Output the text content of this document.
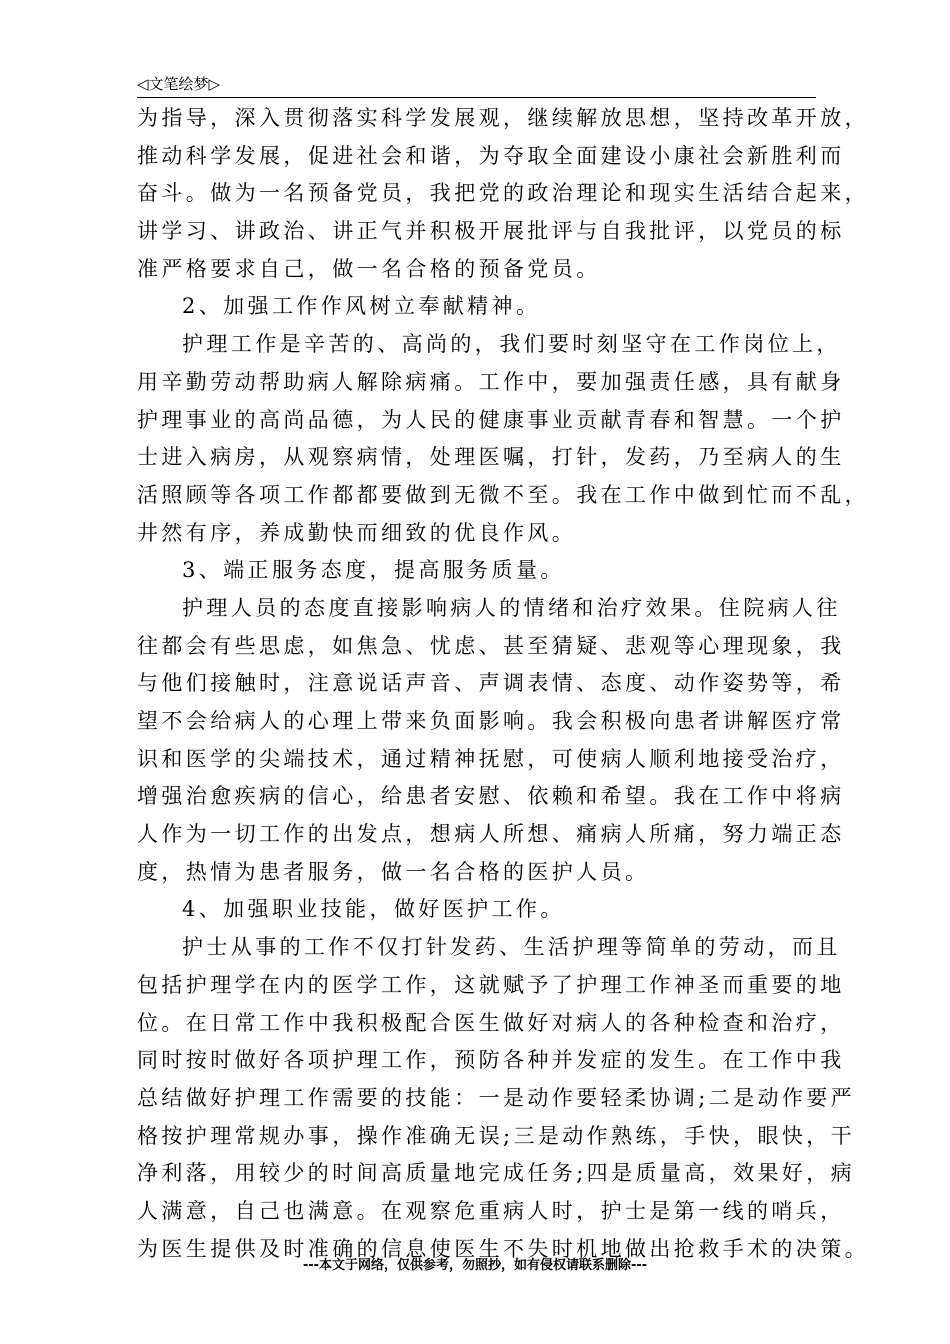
◁文笔绘梦▷
为指导，深入贯彻落实科学发展观，继续解放思想，坚持改革开放，
推动科学发展，促进社会和谐，为夺取全面建设小康社会新胜利而
奋斗。做为一名预备党员，我把党的政治理论和现实生活结合起来，
讲学习、讲政治、讲正气并积极开展批评与自我批评，以党员的标
准严格要求自己，做一名合格的预备党员。
2、加强工作作风树立奉献精神。
护理工作是辛苦的、高尚的，我们要时刻坚守在工作岗位上，
用辛勤劳动帮助病人解除病痛。工作中，要加强责任感，具有献身
护理事业的高尚品德，为人民的健康事业贡献青春和智慧。一个护
士进入病房，从观察病情，处理医嘱，打针，发药，乃至病人的生
活照顾等各项工作都都要做到无微不至。我在工作中做到忙而不乱，
井然有序，养成勤快而细致的优良作风。
3、端正服务态度，提高服务质量。
护理人员的态度直接影响病人的情绪和治疗效果。住院病人往
往都会有些思虑，如焦急、忧虑、甚至猜疑、悲观等心理现象，我
与他们接触时，注意说话声音、声调表情、态度、动作姿势等，希
望不会给病人的心理上带来负面影响。我会积极向患者讲解医疗常
识和医学的尖端技术，通过精神抚慰，可使病人顺利地接受治疗，
增强治愈疾病的信心，给患者安慰、依赖和希望。我在工作中将病
人作为一切工作的出发点，想病人所想、痛病人所痛，努力端正态
度，热情为患者服务，做一名合格的医护人员。
4、加强职业技能，做好医护工作。
护士从事的工作不仅打针发药、生活护理等简单的劳动，而且
包括护理学在内的医学工作，这就赋予了护理工作神圣而重要的地
位。在日常工作中我积极配合医生做好对病人的各种检查和治疗，
同时按时做好各项护理工作，预防各种并发症的发生。在工作中我
总结做好护理工作需要的技能：一是动作要轻柔协调;二是动作要严
格按护理常规办事，操作准确无误;三是动作熟练，手快，眼快，干
净利落，用较少的时间高质量地完成任务;四是质量高，效果好，病
人满意，自己也满意。在观察危重病人时，护士是第一线的哨兵，
为医生提供及时准确的信息使医生不失时机地做出抢救手术的决策。
---本文于网络，仅供参考，勿照抄，如有侵权请联系删除---
